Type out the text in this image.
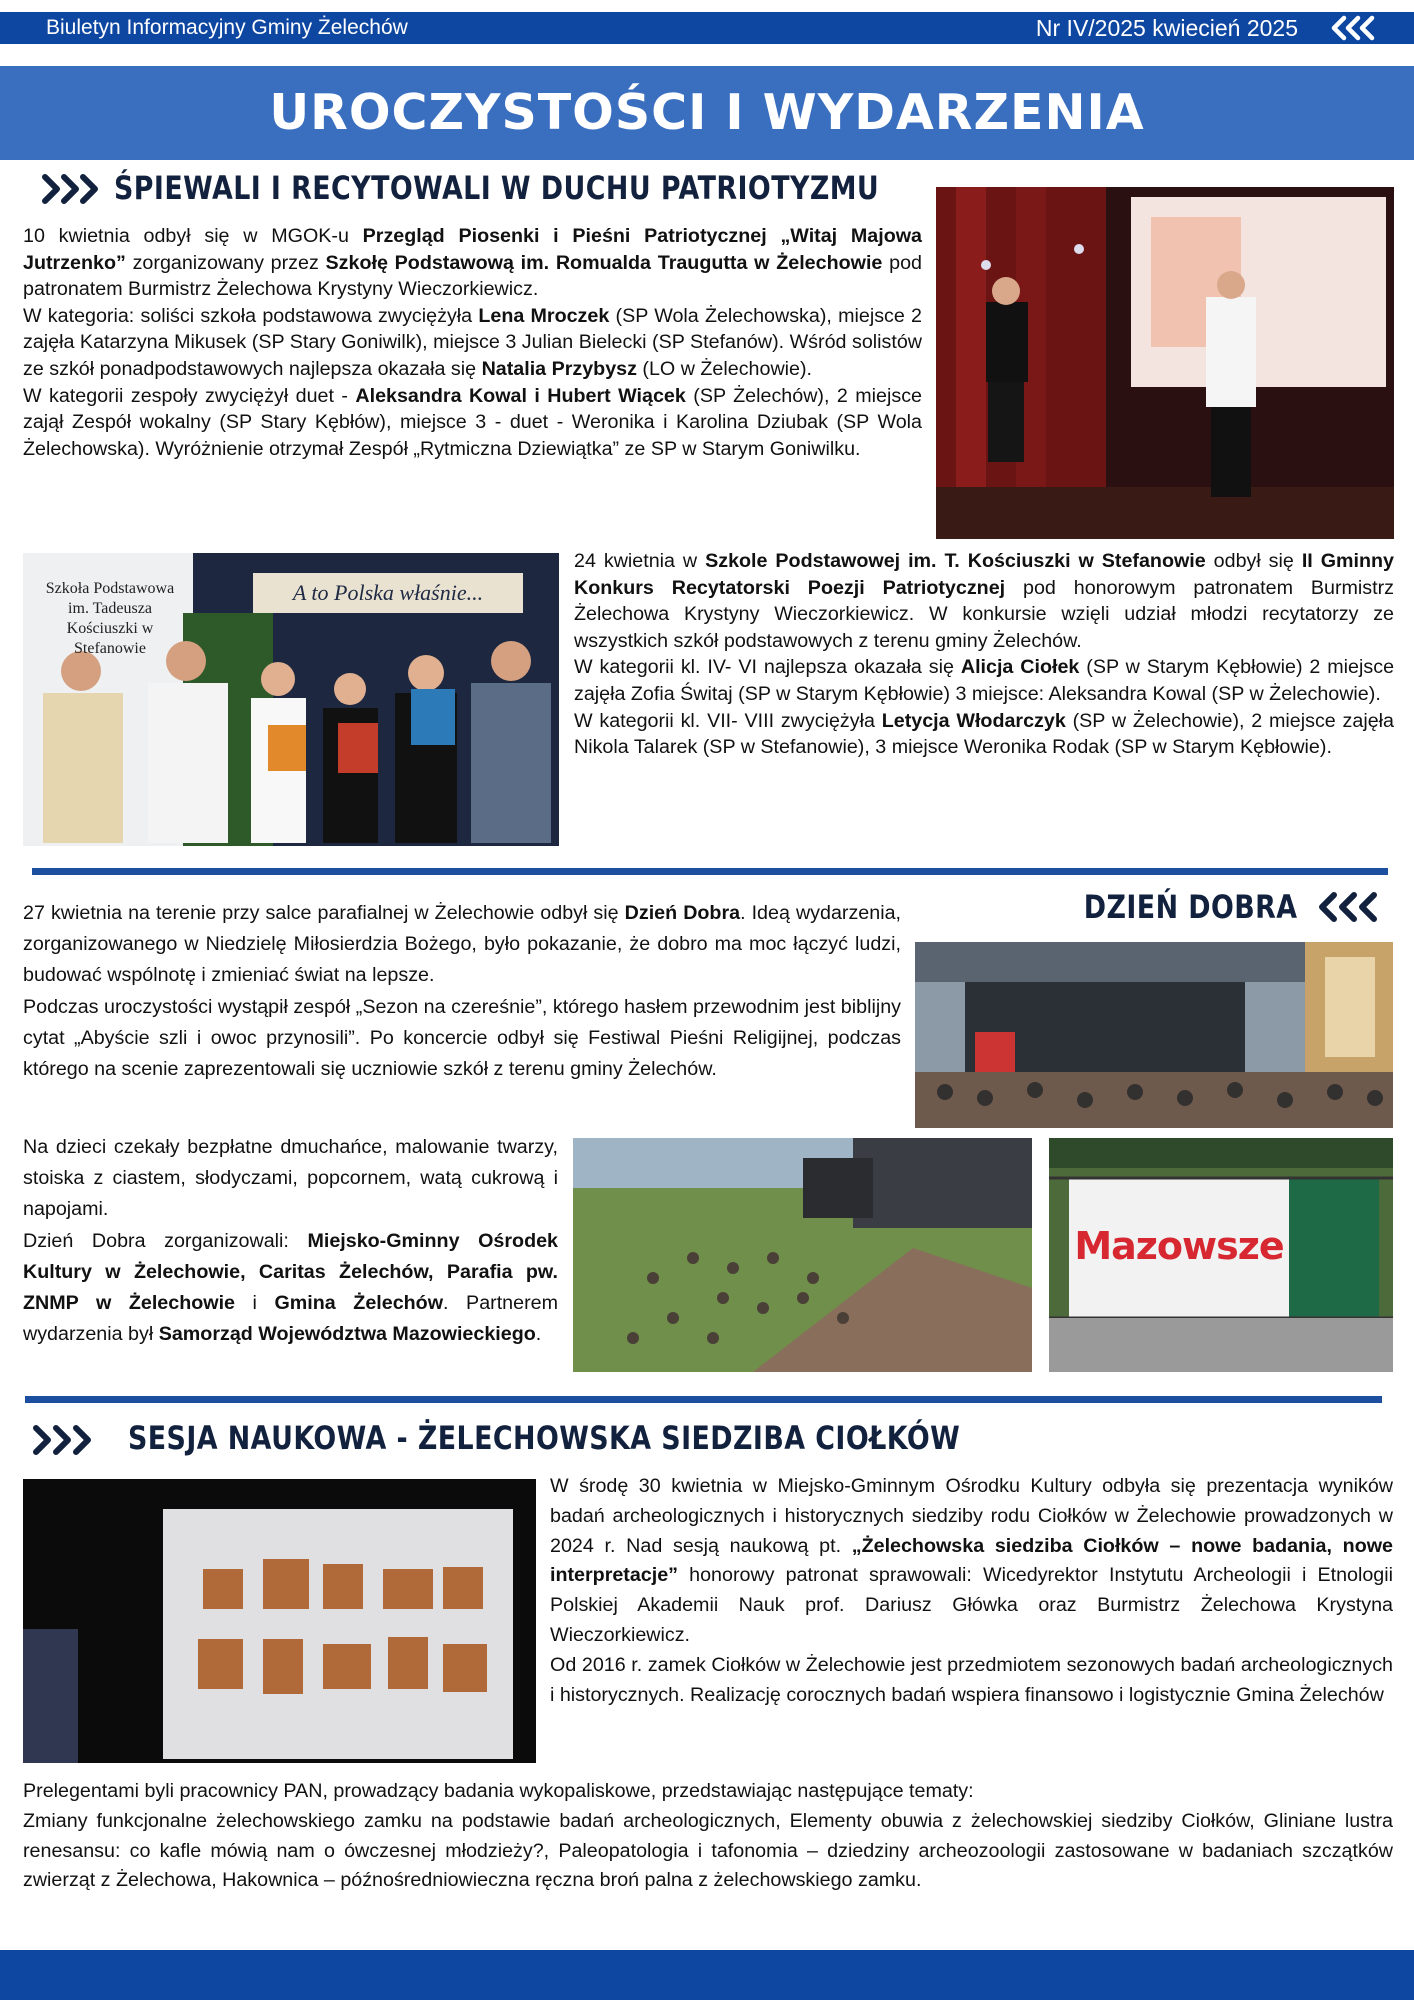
Biuletyn Informacyjny Gminy Żelechów	Nr IV/2025 kwiecień 2025
UROCZYSTOŚCI I WYDARZENIA
ŚPIEWALI I RECYTOWALI W DUCHU PATRIOTYZMU

10 kwietnia odbył się w MGOK-u Przegląd Piosenki i Pieśni Patriotycznej „Witaj Majowa Jutrzenko” zorganizowany przez Szkołę Podstawową im. Romualda Traugutta w Żelechowie pod patronatem Burmistrz Żelechowa Krystyny Wieczorkiewicz.

W kategoria: soliści szkoła podstawowa zwyciężyła Lena Mroczek (SP Wola Żelechowska), miejsce 2 zajęła Katarzyna Mikusek (SP Stary Goniwilk), miejsce 3 Julian Bielecki (SP Stefanów). Wśród solistów ze szkół ponadpodstawowych najlepsza okazała się Natalia Przybysz (LO w Żelechowie).

W kategorii zespoły zwyciężył duet - Aleksandra Kowal i Hubert Wiącek (SP Żelechów), 2 miejsce zajął Zespół wokalny (SP Stary Kębłów), miejsce 3 - duet - Weronika i Karolina Dziubak (SP Wola Żelechowska). Wyróżnienie otrzymał Zespół „Rytmiczna Dziewiątka” ze SP w Starym Goniwilku.

Szkoła Podstawowa im. Tadeusza Kościuszki w Stefanowie
A to Polska właśnie...

24 kwietnia w Szkole Podstawowej im. T. Kościuszki w Stefanowie odbył się II Gminny Konkurs Recytatorski Poezji Patriotycznej pod honorowym patronatem Burmistrz Żelechowa Krystyny Wieczorkiewicz. W konkursie wzięli udział młodzi recytatorzy ze wszystkich szkół podstawowych z terenu gminy Żelechów.

W kategorii kl. IV- VI najlepsza okazała się Alicja Ciołek (SP w Starym Kębłowie) 2 miejsce zajęła Zofia Świtaj (SP w Starym Kębłowie) 3 miejsce: Aleksandra Kowal (SP w Żelechowie).

W kategorii kl. VII- VIII zwyciężyła Letycja Włodarczyk (SP w Żelechowie), 2 miejsce zajęła Nikola Talarek (SP w Stefanowie), 3 miejsce Weronika Rodak (SP w Starym Kębłowie).

DZIEŃ DOBRA

27 kwietnia na terenie przy salce parafialnej w Żelechowie odbył się Dzień Dobra. Ideą wydarzenia, zorganizowanego w Niedzielę Miłosierdzia Bożego, było pokazanie, że dobro ma moc łączyć ludzi, budować wspólnotę i zmieniać świat na lepsze.

Podczas uroczystości wystąpił zespół „Sezon na czereśnie”, którego hasłem przewodnim jest biblijny cytat „Abyście szli i owoc przynosili”. Po koncercie odbył się Festiwal Pieśni Religijnej, podczas którego na scenie zaprezentowali się uczniowie szkół z terenu gminy Żelechów.

Na dzieci czekały bezpłatne dmuchańce, malowanie twarzy, stoiska z ciastem, słodyczami, popcornem, watą cukrową i napojami.

Dzień Dobra zorganizowali: Miejsko-Gminny Ośrodek Kultury w Żelechowie, Caritas Żelechów, Parafia pw. ZNMP w Żelechowie i Gmina Żelechów. Partnerem wydarzenia był Samorząd Województwa Mazowieckiego.

Mazowsze
SESJA NAUKOWA - ŻELECHOWSKA SIEDZIBA CIOŁKÓW

W środę 30 kwietnia w Miejsko-Gminnym Ośrodku Kultury odbyła się prezentacja wyników badań archeologicznych i historycznych siedziby rodu Ciołków w Żelechowie prowadzonych w 2024 r. Nad sesją naukową pt. „Żelechowska siedziba Ciołków – nowe badania, nowe interpretacje” honorowy patronat sprawowali: Wicedyrektor Instytutu Archeologii i Etnologii Polskiej Akademii Nauk prof. Dariusz Główka oraz Burmistrz Żelechowa Krystyna Wieczorkiewicz.

Od 2016 r. zamek Ciołków w Żelechowie jest przedmiotem sezonowych badań archeologicznych i historycznych. Realizację corocznych badań wspiera finansowo i logistycznie Gmina Żelechów

Prelegentami byli pracownicy PAN, prowadzący badania wykopaliskowe, przedstawiając następujące tematy:

Zmiany funkcjonalne żelechowskiego zamku na podstawie badań archeologicznych, Elementy obuwia z żelechowskiej siedziby Ciołków, Gliniane lustra renesansu: co kafle mówią nam o ówczesnej młodzieży?, Paleopatologia i tafonomia – dziedziny archeozoologii zastosowane w badaniach szczątków zwierząt z Żelechowa, Hakownica – późnośredniowieczna ręczna broń palna z żelechowskiego zamku.
